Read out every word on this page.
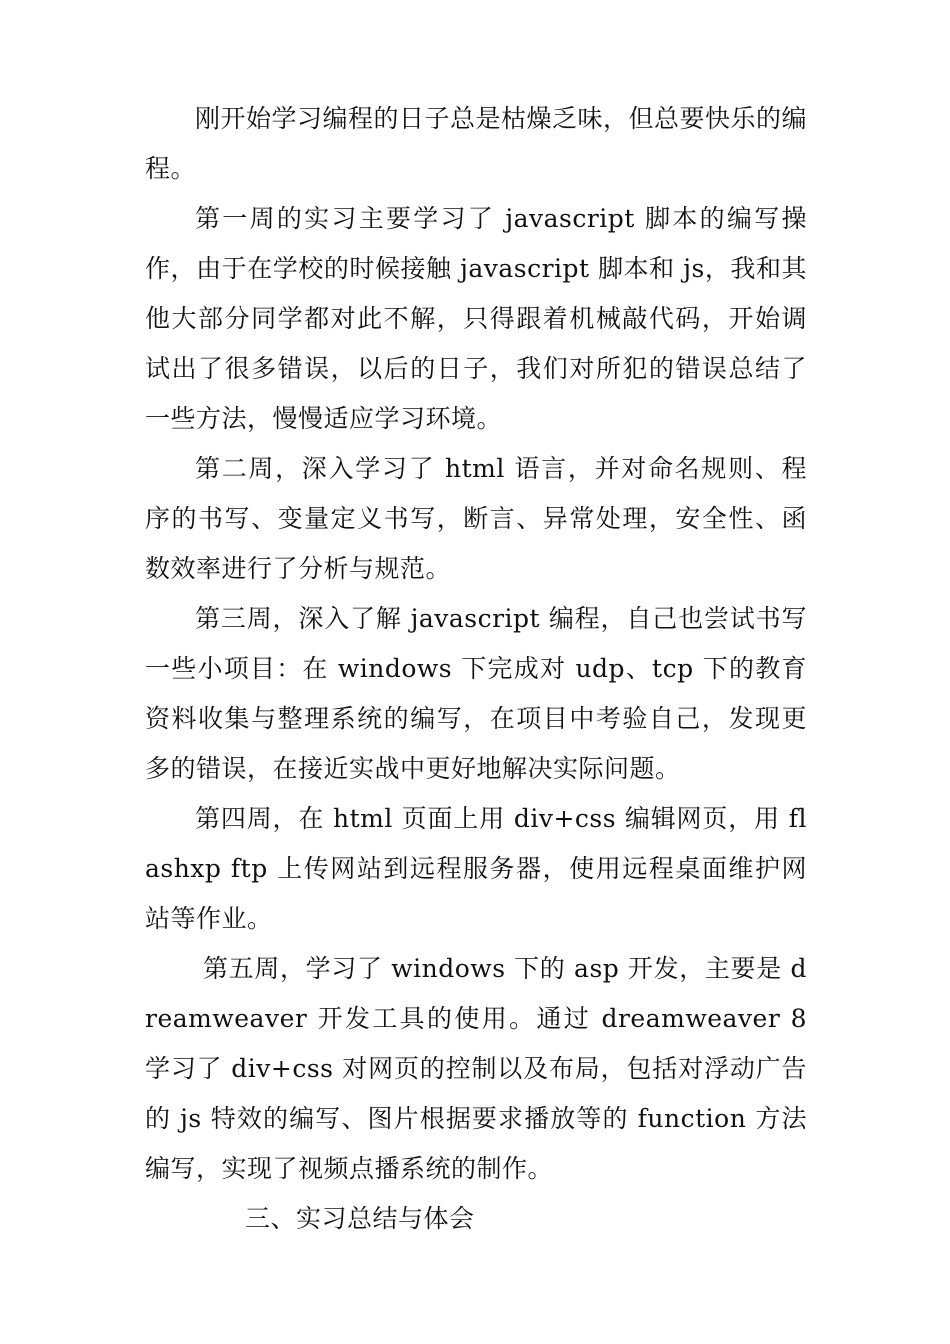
刚开始学习编程的日子总是枯燥乏味，但总要快乐的编程。

第一周的实习主要学习了 javascript 脚本的编写操作，由于在学校的时候接触 javascript 脚本和 js，我和其他大部分同学都对此不解，只得跟着机械敲代码，开始调试出了很多错误，以后的日子，我们对所犯的错误总结了一些方法，慢慢适应学习环境。

第二周，深入学习了 html 语言，并对命名规则、程序的书写、变量定义书写，断言、异常处理，安全性、函数效率进行了分析与规范。

第三周，深入了解 javascript 编程，自己也尝试书写一些小项目：在 windows 下完成对 udp、tcp 下的教育资料收集与整理系统的编写，在项目中考验自己，发现更多的错误，在接近实战中更好地解决实际问题。

第四周，在 html 页面上用 div+css 编辑网页，用 flashxp ftp 上传网站到远程服务器，使用远程桌面维护网站等作业。

第五周，学习了 windows 下的 asp 开发，主要是 dreamweaver 开发工具的使用。通过 dreamweaver 8 学习了 div+css 对网页的控制以及布局，包括对浮动广告的 js 特效的编写、图片根据要求播放等的 function 方法编写，实现了视频点播系统的制作。

三、实习总结与体会
